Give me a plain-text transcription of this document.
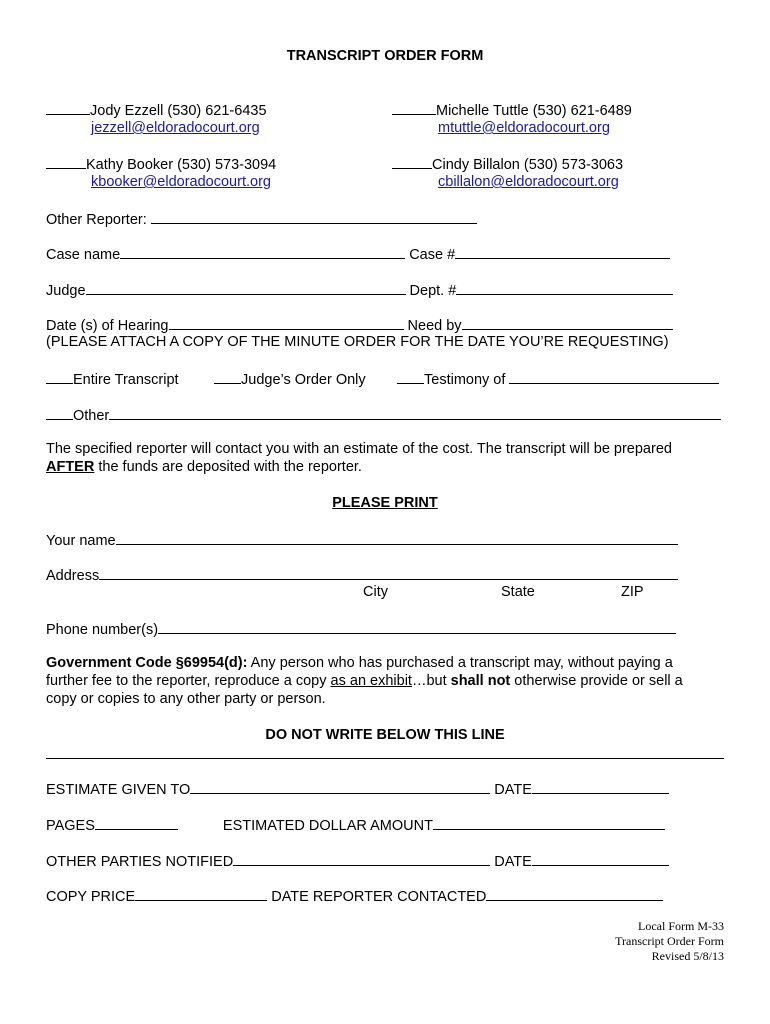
TRANSCRIPT ORDER FORM
Jody Ezzell (530) 621-6435
jezzell@eldoradocourt.org
Michelle Tuttle (530) 621-6489
mtuttle@eldoradocourt.org
Kathy Booker (530) 573-3094
kbooker@eldoradocourt.org
Cindy Billalon (530) 573-3063
cbillalon@eldoradocourt.org
Other Reporter:
Case name	Case #
Judge	Dept. #
Date (s) of Hearing	Need by
(PLEASE ATTACH A COPY OF THE MINUTE ORDER FOR THE DATE YOU’RE REQUESTING)
Entire Transcript	Judge’s Order Only	Testimony of
Other
The specified reporter will contact you with an estimate of the cost. The transcript will be prepared
AFTER the funds are deposited with the reporter.
PLEASE PRINT
Your name
Address
City	State	ZIP
Phone number(s)
Government Code §69954(d): Any person who has purchased a transcript may, without paying a
further fee to the reporter, reproduce a copy as an exhibit…but shall not otherwise provide or sell a
copy or copies to any other party or person.
DO NOT WRITE BELOW THIS LINE
ESTIMATE GIVEN TO	DATE
PAGES	ESTIMATED DOLLAR AMOUNT
OTHER PARTIES NOTIFIED	DATE
COPY PRICE	DATE REPORTER CONTACTED
Local Form M-33
Transcript Order Form
Revised 5/8/13
